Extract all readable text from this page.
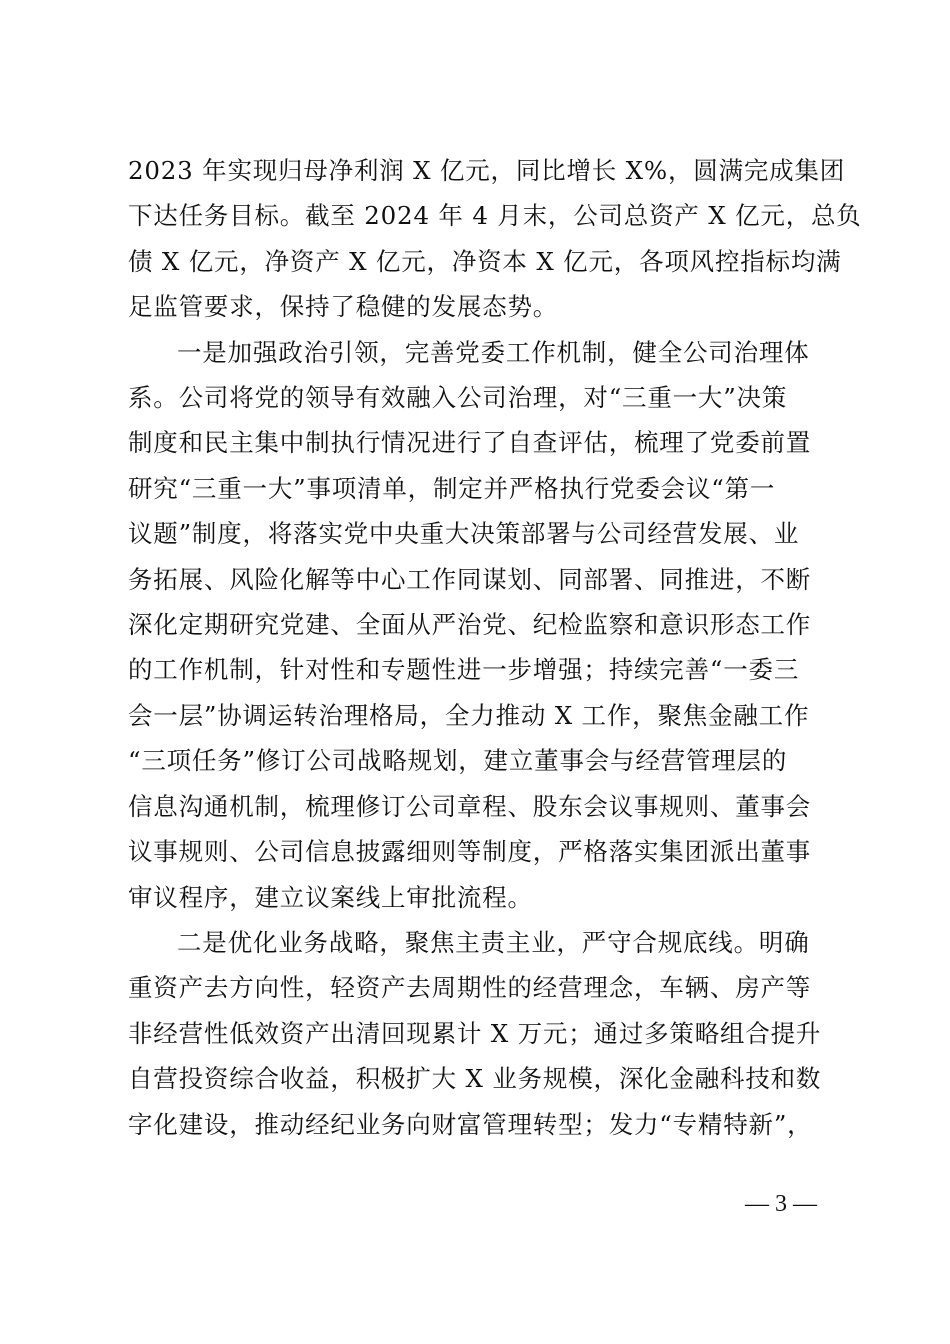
2023 年实现归母净利润 X 亿元，同比增长 X%，圆满完成集团
下达任务目标。截至 2024 年 4 月末，公司总资产 X 亿元，总负
债 X 亿元，净资产 X 亿元，净资本 X 亿元，各项风控指标均满
足监管要求，保持了稳健的发展态势。

一是加强政治引领，完善党委工作机制，健全公司治理体
系。公司将党的领导有效融入公司治理，对“三重一大”决策
制度和民主集中制执行情况进行了自查评估，梳理了党委前置
研究“三重一大”事项清单，制定并严格执行党委会议“第一
议题”制度，将落实党中央重大决策部署与公司经营发展、业
务拓展、风险化解等中心工作同谋划、同部署、同推进，不断
深化定期研究党建、全面从严治党、纪检监察和意识形态工作
的工作机制，针对性和专题性进一步增强；持续完善“一委三
会一层”协调运转治理格局，全力推动 X 工作，聚焦金融工作
“三项任务”修订公司战略规划，建立董事会与经营管理层的
信息沟通机制，梳理修订公司章程、股东会议事规则、董事会
议事规则、公司信息披露细则等制度，严格落实集团派出董事
审议程序，建立议案线上审批流程。

二是优化业务战略，聚焦主责主业，严守合规底线。明确
重资产去方向性，轻资产去周期性的经营理念，车辆、房产等
非经营性低效资产出清回现累计 X 万元；通过多策略组合提升
自营投资综合收益，积极扩大 X 业务规模，深化金融科技和数
字化建设，推动经纪业务向财富管理转型；发力“专精特新”，

— 3 —
